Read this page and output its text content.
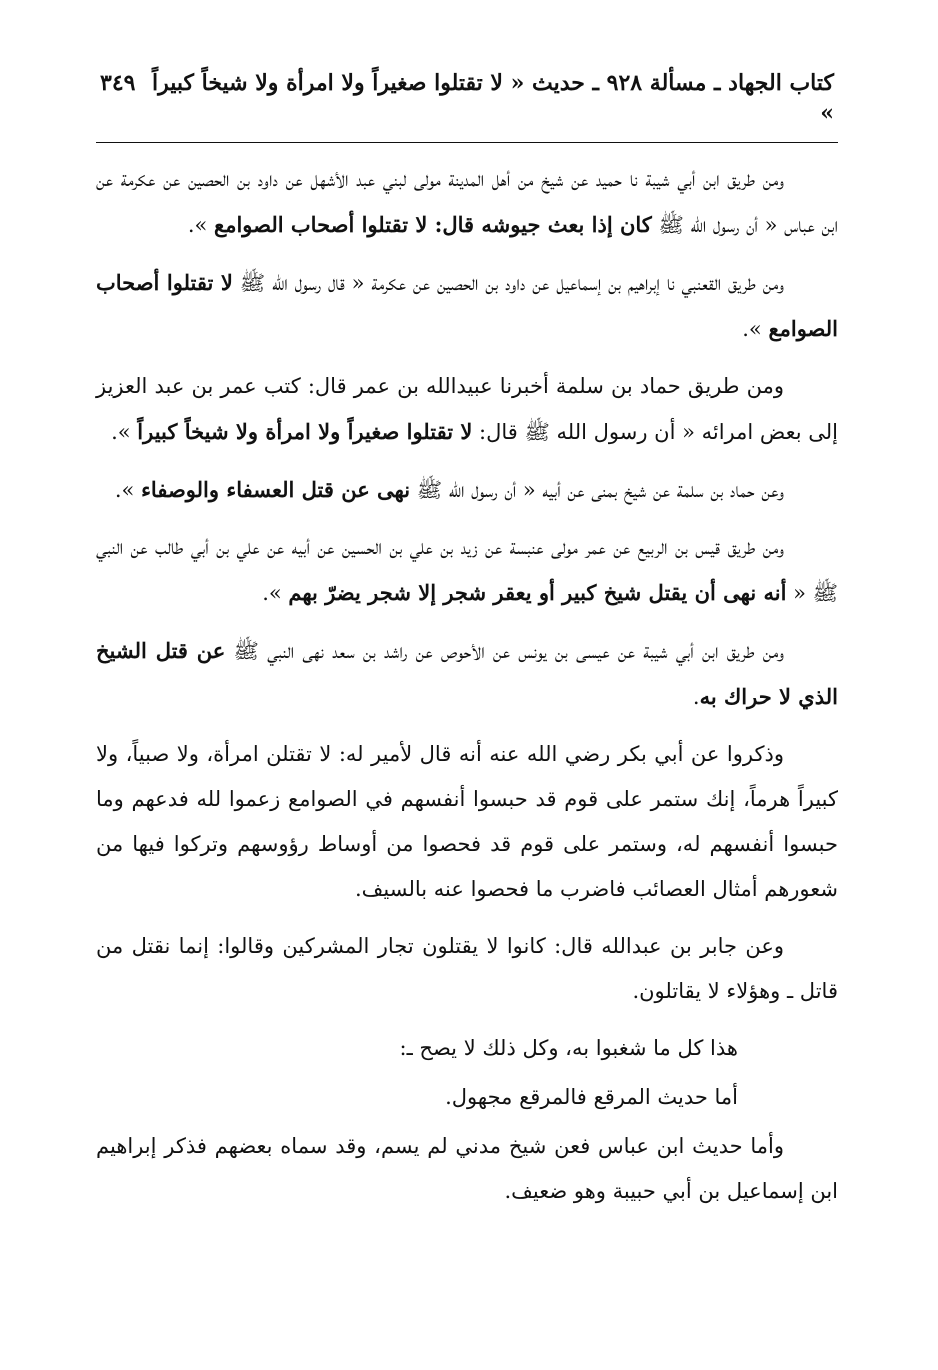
كتاب الجهاد ـ مسألة ٩٢٨ ـ حديث « لا تقتلوا صغيراً ولا امرأة ولا شيخاً كبيراً »
٣٤٩

ومن طريق ابن أبي شيبة نا حميد عن شيخ من أهل المدينة مولى لبني عبد الأشهل عن داود بن الحصين عن عكرمة عن ابن عباس « أن رسول الله ﷺ كان إذا بعث جيوشه قال: لا تقتلوا أصحاب الصوامع ».

ومن طريق القعنبي نا إبراهيم بن إسماعيل عن داود بن الحصين عن عكرمة « قال رسول الله ﷺ لا تقتلوا أصحاب الصوامع ».

ومن طريق حماد بن سلمة أخبرنا عبيدالله بن عمر قال: كتب عمر بن عبد العزيز إلى بعض امرائه « أن رسول الله ﷺ قال: لا تقتلوا صغيراً ولا امرأة ولا شيخاً كبيراً ».

وعن حماد بن سلمة عن شيخ بمنى عن أبيه « أن رسول الله ﷺ نهى عن قتل العسفاء والوصفاء ».

ومن طريق قيس بن الربيع عن عمر مولى عنبسة عن زيد بن علي بن الحسين عن أبيه عن علي بن أبي طالب عن النبي ﷺ « أنه نهى أن يقتل شيخ كبير أو يعقر شجر إلا شجر يضرّ بهم ».

ومن طريق ابن أبي شيبة عن عيسى بن يونس عن الأحوص عن راشد بن سعد نهى النبي ﷺ عن قتل الشيخ الذي لا حراك به.

وذكروا عن أبي بكر رضي الله عنه أنه قال لأمير له: لا تقتلن امرأة، ولا صبياً، ولا كبيراً هرماً، إنك ستمر على قوم قد حبسوا أنفسهم في الصوامع زعموا لله فدعهم وما حبسوا أنفسهم له، وستمر على قوم قد فحصوا من أوساط رؤوسهم وتركوا فيها من شعورهم أمثال العصائب فاضرب ما فحصوا عنه بالسيف.

وعن جابر بن عبدالله قال: كانوا لا يقتلون تجار المشركين وقالوا: إنما نقتل من قاتل ـ وهؤلاء لا يقاتلون.

هذا كل ما شغبوا به، وكل ذلك لا يصح ـ:

أما حديث المرقع فالمرقع مجهول.

وأما حديث ابن عباس فعن شيخ مدني لم يسم، وقد سماه بعضهم فذكر إبراهيم ابن إسماعيل بن أبي حبيبة وهو ضعيف.
